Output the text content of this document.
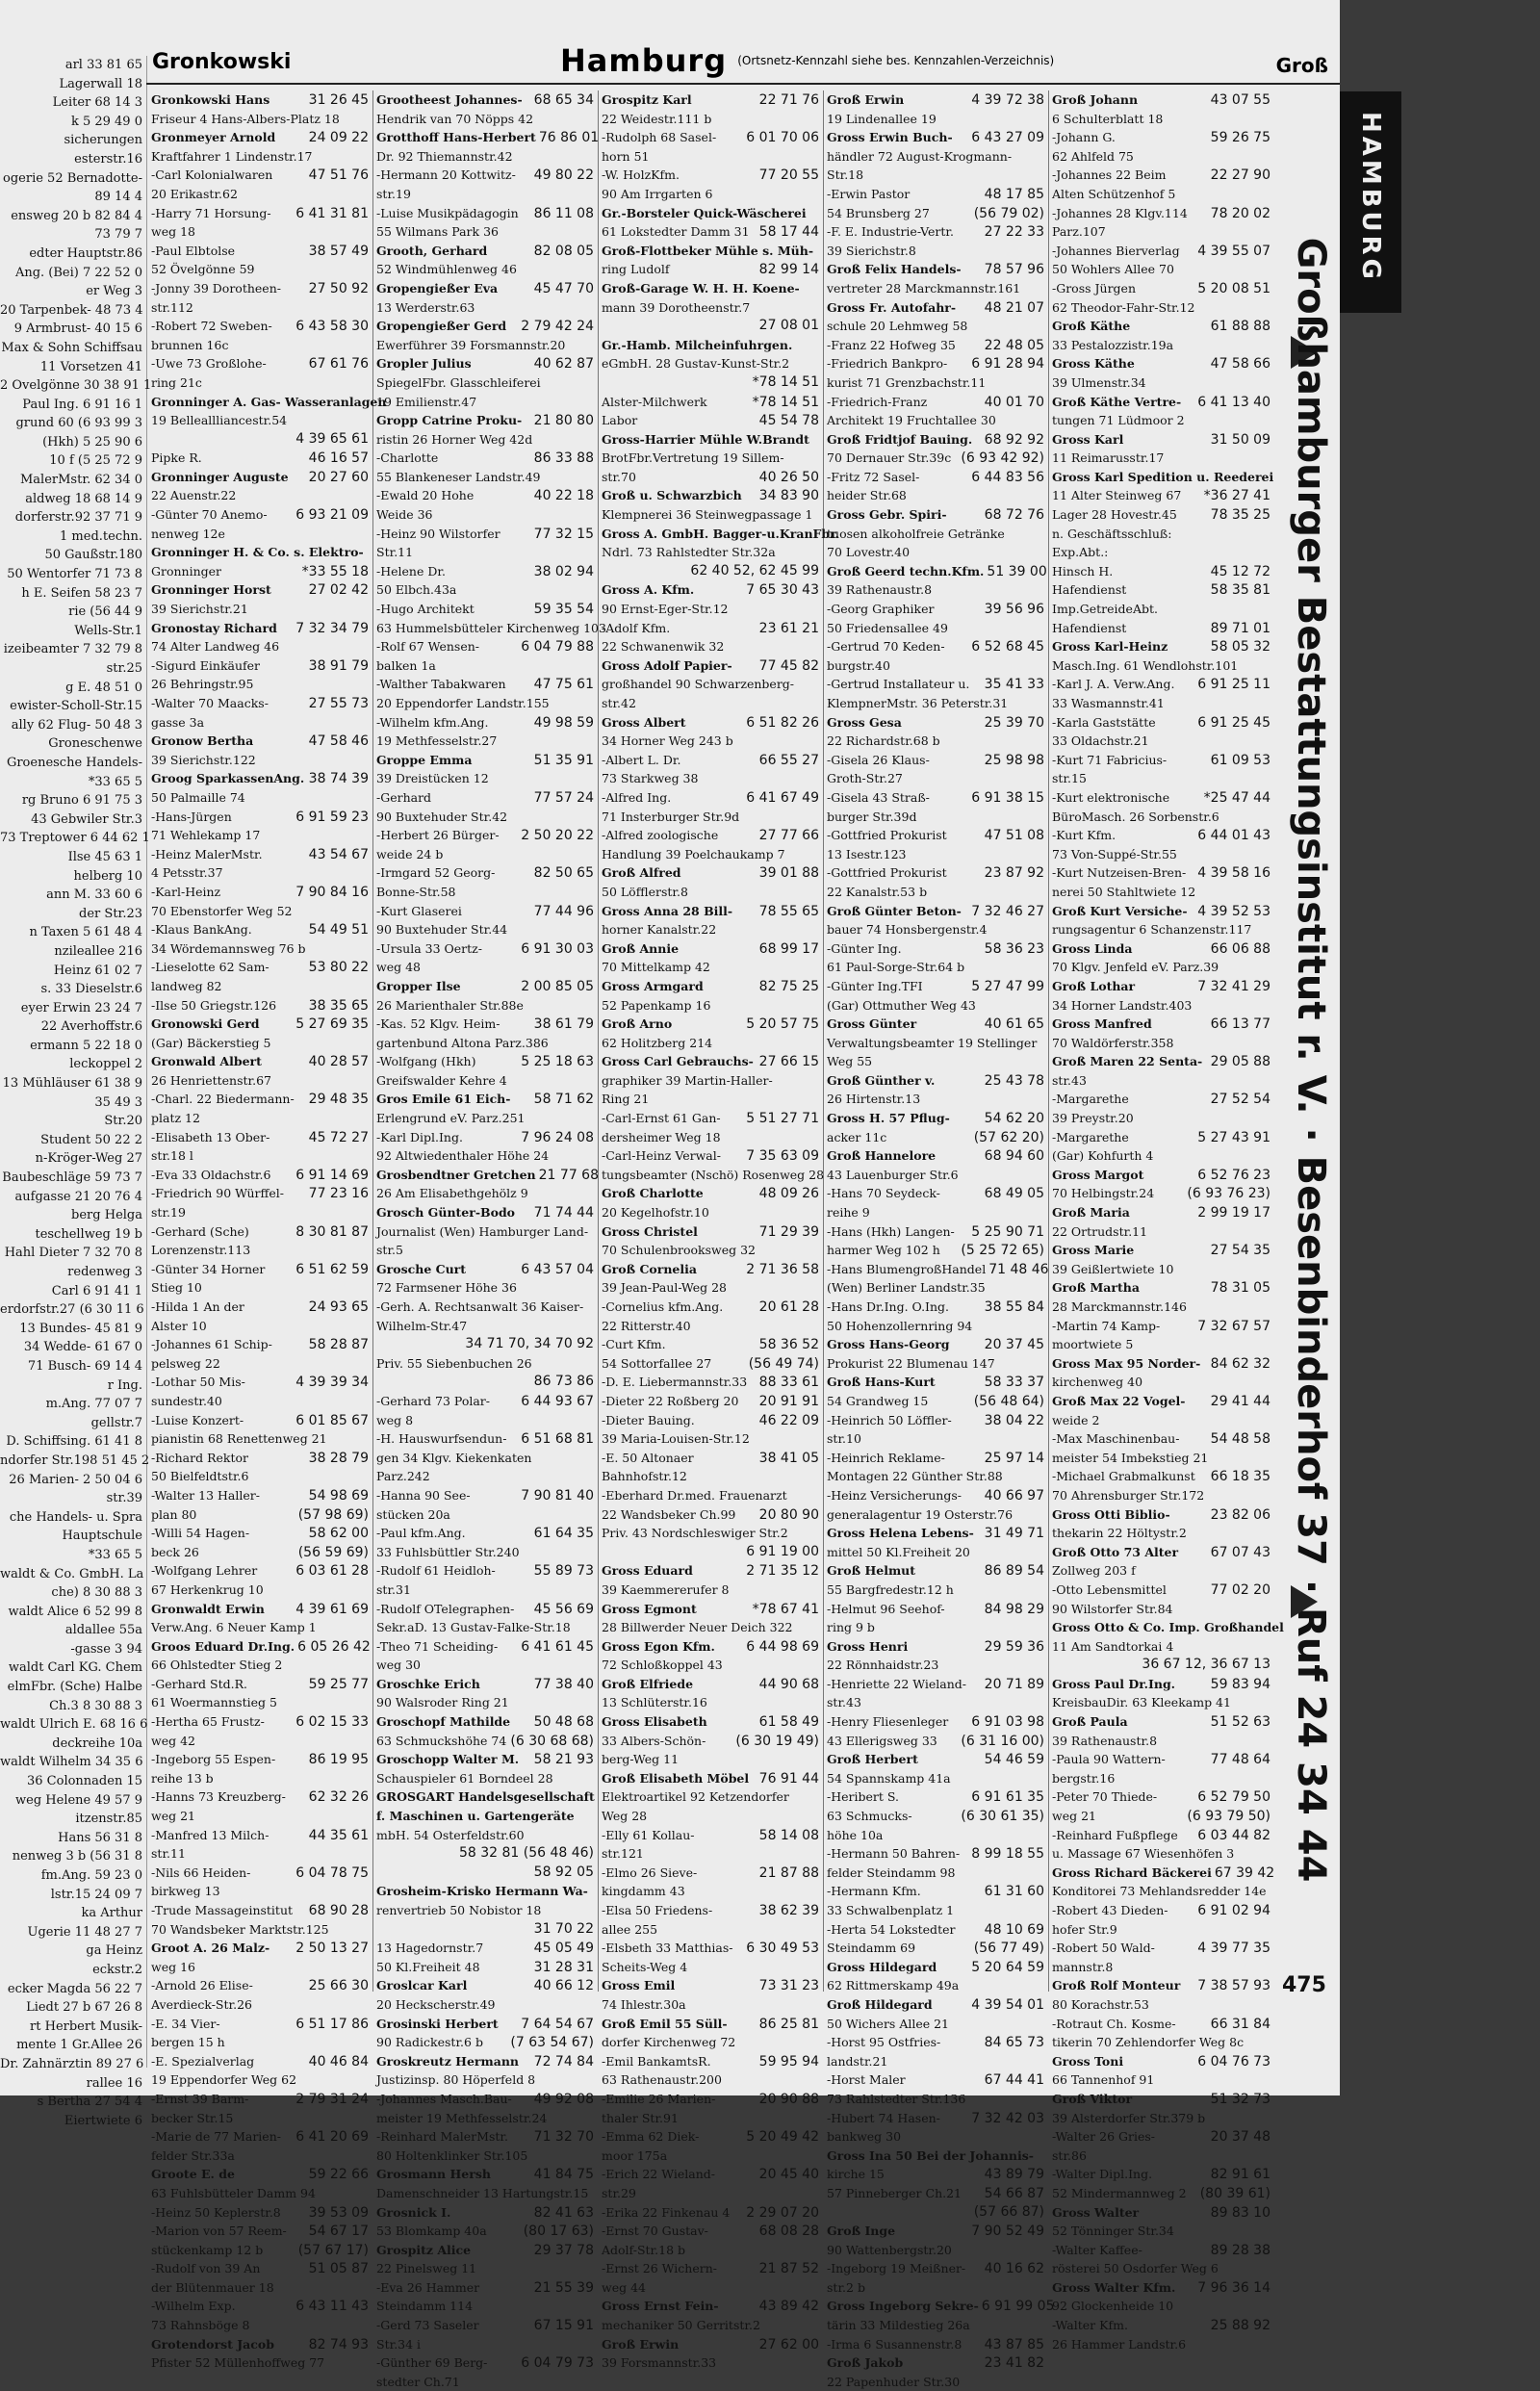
arl 33 81 65
Lagerwall 18
Leiter 68 14 3
k 5 29 49 0
sicherungen
esterstr.16
ogerie 52 Bernadotte-
89 14 4
ensweg 20 b 82 84 4
73 79 7
edter Hauptstr.86
Ang. (Bei) 7 22 52 0
er Weg 3
20 Tarpenbek- 48 73 4
9 Armbrust- 40 15 6
Max & Sohn Schiffsau
11 Vorsetzen 41
2 Ovelgönne 30 38 91 1
Paul Ing. 6 91 16 1
grund 60 (6 93 99 3
(Hkh) 5 25 90 6
10 f (5 25 72 9
MalerMstr. 62 34 0
aldweg 18 68 14 9
dorferstr.92 37 71 9
1 med.techn.
50 Gaußstr.180
50 Wentorfer 71 73 8
h E. Seifen 58 23 7
rie (56 44 9
Wells-Str.1
izeibeamter 7 32 79 8
str.25
g E. 48 51 0
ewister-Scholl-Str.15
ally 62 Flug- 50 48 3
Groneschenwe
Groenesche Handels-
*33 65 5
rg Bruno 6 91 75 3
43 Gebwiler Str.3
73 Treptower 6 44 62 1
Ilse 45 63 1
helberg 10
ann M. 33 60 6
der Str.23
n Taxen 5 61 48 4
nzileallee 216
Heinz 61 02 7
s. 33 Dieselstr.6
eyer Erwin 23 24 7
22 Averhoffstr.6
ermann 5 22 18 0
leckoppel 2
13 Mühläuser 61 38 9
35 49 3
Str.20
Student 50 22 2
n-Kröger-Weg 27
Baubeschläge 59 73 7
aufgasse 21 20 76 4
berg Helga
teschellweg 19 b
Hahl Dieter 7 32 70 8
redenweg 3
Carl 6 91 41 1
erdorfstr.27 (6 30 11 6
13 Bundes- 45 81 9
34 Wedde- 61 67 0
71 Busch- 69 14 4
r Ing.
m.Ang. 77 07 7
gellstr.7
D. Schiffsing. 61 41 8
ndorfer Str.198 51 45 2
26 Marien- 2 50 04 6
str.39
che Handels- u. Spra
Hauptschule
*33 65 5
waldt & Co. GmbH. La
che) 8 30 88 3
waldt Alice 6 52 99 8
aldallee 55a
-gasse 3 94
waldt Carl KG. Chem
elmFbr. (Sche) Halbe
Ch.3 8 30 88 3
waldt Ulrich E. 68 16 6
deckreihe 10a
waldt Wilhelm 34 35 6
36 Colonnaden 15
weg Helene 49 57 9
itzenstr.85
Hans 56 31 8
nenweg 3 b (56 31 8
fm.Ang. 59 23 0
lstr.15 24 09 7
ka Arthur
Ugerie 11 48 27 7
ga Heinz
eckstr.2
ecker Magda 56 22 7
Liedt 27 b 67 26 8
rt Herbert Musik-
mente 1 Gr.Allee 26
Dr. Zahnärztin 89 27 6
rallee 16
s Bertha 27 54 4
Eiertwiete 6
Gronkowski	Hamburg (Ortsnetz-Kennzahl siehe bes. Kennzahlen-Verzeichnis)	Groß
Gronkowski Hans	31 26 45
Friseur 4 Hans-Albers-Platz 18
Gronmeyer Arnold	24 09 22
Kraftfahrer 1 Lindenstr.17
-Carl Kolonialwaren	47 51 76
20 Erikastr.62
-Harry 71 Horsung-	6 41 31 81
weg 18
-Paul Elbtolse	38 57 49
52 Övelgönne 59
-Jonny 39 Dorotheen-	27 50 92
str.112
-Robert 72 Sweben-	6 43 58 30
brunnen 16c
-Uwe 73 Großlohe-	67 61 76
ring 21c
Gronninger A. Gas- Wasseranlagen
19 Belleallliancestr.54
4 39 65 61
Pipke R.	46 16 57
Gronninger Auguste	20 27 60
22 Auenstr.22
-Günter 70 Anemo-	6 93 21 09
nenweg 12e
Gronninger H. & Co. s. Elektro-
Gronninger	*33 55 18
Gronninger Horst	27 02 42
39 Sierichstr.21
Gronostay Richard	7 32 34 79
74 Alter Landweg 46
-Sigurd Einkäufer	38 91 79
26 Behringstr.95
-Walter 70 Maacks-	27 55 73
gasse 3a
Gronow Bertha	47 58 46
39 Sierichstr.122
Groog SparkassenAng. 38 74 39
50 Palmaille 74
-Hans-Jürgen	6 91 59 23
71 Wehlekamp 17
-Heinz MalerMstr.	43 54 67
4 Petsstr.37
-Karl-Heinz	7 90 84 16
70 Ebenstorfer Weg 52
-Klaus BankAng.	54 49 51
34 Wördemannsweg 76 b
-Lieselotte 62 Sam-	53 80 22
landweg 82
-Ilse 50 Griegstr.126	38 35 65
Gronowski Gerd	5 27 69 35
(Gar) Bäckerstieg 5
Gronwald Albert	40 28 57
26 Henriettenstr.67
-Charl. 22 Biedermann-	29 48 35
platz 12
-Elisabeth 13 Ober-	45 72 27
str.18 l
-Eva 33 Oldachstr.6	6 91 14 69
-Friedrich 90 Würffel-	77 23 16
str.19
-Gerhard (Sche)	8 30 81 87
Lorenzenstr.113
-Günter 34 Horner	6 51 62 59
Stieg 10
-Hilda 1 An der	24 93 65
Alster 10
-Johannes 61 Schip-	58 28 87
pelsweg 22
-Lothar 50 Mis-	4 39 39 34
sundestr.40
-Luise Konzert-	6 01 85 67
pianistin 68 Renettenweg 21
-Richard Rektor	38 28 79
50 Bielfeldtstr.6
-Walter 13 Haller-	54 98 69
plan 80	(57 98 69)
-Willi 54 Hagen-	58 62 00
beck 26	(56 59 69)
-Wolfgang Lehrer	6 03 61 28
67 Herkenkrug 10
Gronwaldt Erwin	4 39 61 69
Verw.Ang. 6 Neuer Kamp 1
Groos Eduard Dr.Ing. 6 05 26 42
66 Ohlstedter Stieg 2
-Gerhard Std.R.	59 25 77
61 Woermannstieg 5
-Hertha 65 Frustz-	6 02 15 33
weg 42
-Ingeborg 55 Espen-	86 19 95
reihe 13 b
-Hanns 73 Kreuzberg-	62 32 26
weg 21
-Manfred 13 Milch-	44 35 61
str.11
-Nils 66 Heiden-	6 04 78 75
birkweg 13
-Trude Massageinstitut	68 90 28
70 Wandsbeker Marktstr.125
Groot A. 26 Malz-	2 50 13 27
weg 16
-Arnold 26 Elise-	25 66 30
Averdieck-Str.26
-E. 34 Vier-	6 51 17 86
bergen 15 h
-E. Spezialverlag	40 46 84
19 Eppendorfer Weg 62
-Ernst 39 Barm-	2 79 31 24
becker Str.15
-Marie de 77 Marien-	6 41 20 69
felder Str.33a
Groote E. de	59 22 66
63 Fuhlsbütteler Damm 94
-Heinz 50 Keplerstr.8	39 53 09
-Marion von 57 Reem-	54 67 17
stückenkamp 12 b	(57 67 17)
-Rudolf von 39 An	51 05 87
der Blütenmauer 18
-Wilhelm Exp.	6 43 11 43
73 Rahnsböge 8
Grotendorst Jacob	82 74 93
Pfister 52 Müllenhoffweg 77
Grootheest Johannes- 68 65 34
Hendrik van 70 Nöpps 42
Grotthoff Hans-Herbert 76 86 01
Dr. 92 Thiemannstr.42
-Hermann 20 Kottwitz-	49 80 22
str.19
-Luise Musikpädagogin	86 11 08
55 Wilmans Park 36
Grooth, Gerhard	82 08 05
52 Windmühlenweg 46
Gropengießer Eva	45 47 70
13 Werderstr.63
Gropengießer Gerd	2 79 42 24
Ewerführer 39 Forsmannstr.20
Gropler Julius	40 62 87
SpiegelFbr. Glasschleiferei
19 Emilienstr.47
Gropp Catrine Proku- 21 80 80
ristin 26 Horner Weg 42d
-Charlotte	86 33 88
55 Blankeneser Landstr.49
-Ewald 20 Hohe	40 22 18
Weide 36
-Heinz 90 Wilstorfer	77 32 15
Str.11
-Helene Dr.	38 02 94
50 Elbch.43a
-Hugo Architekt	59 35 54
63 Hummelsbütteler Kirchenweg 103
-Rolf 67 Wensen-	6 04 79 88
balken 1a
-Walther Tabakwaren	47 75 61
20 Eppendorfer Landstr.155
-Wilhelm kfm.Ang.	49 98 59
19 Methfesselstr.27
Groppe Emma	51 35 91
39 Dreistücken 12
-Gerhard	77 57 24
90 Buxtehuder Str.42
-Herbert 26 Bürger-	2 50 20 22
weide 24 b
-Irmgard 52 Georg-	82 50 65
Bonne-Str.58
-Kurt Glaserei	77 44 96
90 Buxtehuder Str.44
-Ursula 33 Oertz-	6 91 30 03
weg 48
Gropper Ilse	2 00 85 05
26 Marienthaler Str.88e
-Kas. 52 Klgv. Heim-	38 61 79
gartenbund Altona Parz.386
-Wolfgang (Hkh)	5 25 18 63
Greifswalder Kehre 4
Gros Emile 61 Eich-	58 71 62
Erlengrund eV. Parz.251
-Karl Dipl.Ing.	7 96 24 08
92 Altwiedenthaler Höhe 24
Grosbendtner Gretchen 21 77 68
26 Am Elisabethgehölz 9
Grosch Günter-Bodo	71 74 44
Journalist (Wen) Hamburger Land-
str.5
Grosche Curt	6 43 57 04
72 Farmsener Höhe 36
-Gerh. A. Rechtsanwalt 36 Kaiser-
Wilhelm-Str.47
34 71 70, 34 70 92
Priv. 55 Siebenbuchen 26
86 73 86
-Gerhard 73 Polar-	6 44 93 67
weg 8
-H. Hauswurfsendun-	6 51 68 81
gen 34 Klgv. Kiekenkaten
Parz.242
-Hanna 90 See-	7 90 81 40
stücken 20a
-Paul kfm.Ang.	61 64 35
33 Fuhlsbüttler Str.240
-Rudolf 61 Heidloh-	55 89 73
str.31
-Rudolf OTelegraphen-	45 56 69
Sekr.aD. 13 Gustav-Falke-Str.18
-Theo 71 Scheiding-	6 41 61 45
weg 30
Groschke Erich	77 38 40
90 Walsroder Ring 21
Groschopf Mathilde	50 48 68
63 Schmuckshöhe 74 (6 30 68 68)
Groschopp Walter M.	58 21 93
Schauspieler 61 Borndeel 28
GROSGART Handelsgesellschaft
f. Maschinen u. Gartengeräte
mbH. 54 Osterfeldstr.60
58 32 81 (56 48 46)
58 92 05
Grosheim-Krisko Hermann Wa-
renvertrieb 50 Nobistor 18
31 70 22
13 Hagedornstr.7	45 05 49
50 Kl.Freiheit 48	31 28 31
Groslcar Karl	40 66 12
20 Heckscherstr.49
Grosinski Herbert	7 64 54 67
90 Radickestr.6 b	(7 63 54 67)
Groskreutz Hermann	72 74 84
Justizinsp. 80 Höperfeld 8
-Johannes Masch.Bau-	49 92 08
meister 19 Methfesselstr.24
-Reinhard MalerMstr.	71 32 70
80 Holtenklinker Str.105
Grosmann Hersh	41 84 75
Damenschneider 13 Hartungstr.15
Grosnick I.	82 41 63
53 Blomkamp 40a	(80 17 63)
Grospitz Alice	29 37 78
22 Pinelsweg 11
-Eva 26 Hammer	21 55 39
Steindamm 114
-Gerd 73 Saseler	67 15 91
Str.34 i
-Günther 69 Berg-	6 04 79 73
stedter Ch.71
Grospitz Karl	22 71 76
22 Weidestr.111 b
-Rudolph 68 Sasel-	6 01 70 06
horn 51
-W. HolzKfm.	77 20 55
90 Am Irrgarten 6
Gr.-Borsteler Quick-Wäscherei
61 Lokstedter Damm 31 58 17 44
Groß-Flottbeker Mühle s. Müh-
ring Ludolf	82 99 14
Groß-Garage W. H. H. Koene-
mann 39 Dorotheenstr.7
27 08 01
Gr.-Hamb. Milcheinfuhrgen.
eGmbH. 28 Gustav-Kunst-Str.2
*78 14 51
Alster-Milchwerk	*78 14 51
Labor	45 54 78
Gross-Harrier Mühle W.Brandt
BrotFbr.Vertretung 19 Sillem-
str.70	40 26 50
Groß u. Schwarzbich	34 83 90
Klempnerei 36 Steinwegpassage 1
Gross A. GmbH. Bagger-u.KranFbr.
Ndrl. 73 Rahlstedter Str.32a
62 40 52, 62 45 99
Gross A. Kfm.	7 65 30 43
90 Ernst-Eger-Str.12
-Adolf Kfm.	23 61 21
22 Schwanenwik 32
Gross Adolf Papier-	77 45 82
großhandel 90 Schwarzenberg-
str.42
Gross Albert	6 51 82 26
34 Horner Weg 243 b
-Albert L. Dr.	66 55 27
73 Starkweg 38
-Alfred Ing.	6 41 67 49
71 Insterburger Str.9d
-Alfred zoologische	27 77 66
Handlung 39 Poelchaukamp 7
Groß Alfred	39 01 88
50 Löfflerstr.8
Gross Anna 28 Bill-	78 55 65
horner Kanalstr.22
Groß Annie	68 99 17
70 Mittelkamp 42
Gross Armgard	82 75 25
52 Papenkamp 16
Groß Arno	5 20 57 75
62 Holitzberg 214
Gross Carl Gebrauchs- 27 66 15
graphiker 39 Martin-Haller-
Ring 21
-Carl-Ernst 61 Gan-	5 51 27 71
dersheimer Weg 18
-Carl-Heinz Verwal-	7 35 63 09
tungsbeamter (Nschö) Rosenweg 28
Groß Charlotte	48 09 26
20 Kegelhofstr.10
Gross Christel	71 29 39
70 Schulenbrooksweg 32
Groß Cornelia	2 71 36 58
39 Jean-Paul-Weg 28
-Cornelius kfm.Ang.	20 61 28
22 Ritterstr.40
-Curt Kfm.	58 36 52
54 Sottorfallee 27	(56 49 74)
-D. E. Liebermannstr.33 88 33 61
-Dieter 22 Roßberg 20	20 91 91
-Dieter Bauing.	46 22 09
39 Maria-Louisen-Str.12
-E. 50 Altonaer	38 41 05
Bahnhofstr.12
-Eberhard Dr.med. Frauenarzt
22 Wandsbeker Ch.99	20 80 90
Priv. 43 Nordschleswiger Str.2
6 91 19 00
Gross Eduard	2 71 35 12
39 Kaemmererufer 8
Gross Egmont	*78 67 41
28 Billwerder Neuer Deich 322
Gross Egon Kfm.	6 44 98 69
72 Schloßkoppel 43
Groß Elfriede	44 90 68
13 Schlüterstr.16
Gross Elisabeth	61 58 49
33 Albers-Schön-	(6 30 19 49)
berg-Weg 11
Groß Elisabeth Möbel 76 91 44
Elektroartikel 92 Ketzendorfer
Weg 28
-Elly 61 Kollau-	58 14 08
str.121
-Elmo 26 Sieve-	21 87 88
kingdamm 43
-Elsa 50 Friedens-	38 62 39
allee 255
-Elsbeth 33 Matthias- 6 30 49 53
Scheits-Weg 4
Gross Emil	73 31 23
74 Ihlestr.30a
Groß Emil 55 Süll-	86 25 81
dorfer Kirchenweg 72
-Emil BankamtsR.	59 95 94
63 Rathenaustr.200
-Emilie 26 Marien-	20 90 88
thaler Str.91
-Emma 62 Diek-	5 20 49 42
moor 175a
-Erich 22 Wieland-	20 45 40
str.29
-Erika 22 Finkenau 4	2 29 07 20
-Ernst 70 Gustav-	68 08 28
Adolf-Str.18 b
-Ernst 26 Wichern-	21 87 52
weg 44
Gross Ernst Fein-	43 89 42
mechaniker 50 Gerritstr.2
Groß Erwin	27 62 00
39 Forsmannstr.33
Groß Erwin	4 39 72 38
19 Lindenallee 19
Gross Erwin Buch-	6 43 27 09
händler 72 August-Krogmann-
Str.18
-Erwin Pastor	48 17 85
54 Brunsberg 27	(56 79 02)
-F. E. Industrie-Vertr.	27 22 33
39 Sierichstr.8
Groß Felix Handels-	78 57 96
vertreter 28 Marckmannstr.161
Gross Fr. Autofahr-	48 21 07
schule 20 Lehmweg 58
-Franz 22 Hofweg 35	22 48 05
-Friedrich Bankpro-	6 91 28 94
kurist 71 Grenzbachstr.11
-Friedrich-Franz	40 01 70
Architekt 19 Fruchtallee 30
Groß Fridtjof Bauing. 68 92 92
70 Dernauer Str.39c (6 93 42 92)
-Fritz 72 Sasel-	6 44 83 56
heider Str.68
Gross Gebr. Spiri-	68 72 76
tuosen alkoholfreie Getränke
70 Lovestr.40
Groß Geerd techn.Kfm. 51 39 00
39 Rathenaustr.8
-Georg Graphiker	39 56 96
50 Friedensallee 49
-Gertrud 70 Keden-	6 52 68 45
burgstr.40
-Gertrud Installateur u.	35 41 33
KlempnerMstr. 36 Peterstr.31
Gross Gesa	25 39 70
22 Richardstr.68 b
-Gisela 26 Klaus-	25 98 98
Groth-Str.27
-Gisela 43 Straß-	6 91 38 15
burger Str.39d
-Gottfried Prokurist	47 51 08
13 Isestr.123
-Gottfried Prokurist	23 87 92
22 Kanalstr.53 b
Groß Günter Beton- 7 32 46 27
bauer 74 Honsbergenstr.4
-Günter Ing.	58 36 23
61 Paul-Sorge-Str.64 b
-Günter Ing.TFI	5 27 47 99
(Gar) Ottmuther Weg 43
Gross Günter	40 61 65
Verwaltungsbeamter 19 Stellinger
Weg 55
Groß Günther v.	25 43 78
26 Hirtenstr.13
Gross H. 57 Pflug-	54 62 20
acker 11c	(57 62 20)
Groß Hannelore	68 94 60
43 Lauenburger Str.6
-Hans 70 Seydeck-	68 49 05
reihe 9
-Hans (Hkh) Langen-	5 25 90 71
harmer Weg 102 h	(5 25 72 65)
-Hans BlumengroßHandel 71 48 46
(Wen) Berliner Landstr.35
-Hans Dr.Ing. O.Ing.	38 55 84
50 Hohenzollernring 94
Gross Hans-Georg	20 37 45
Prokurist 22 Blumenau 147
Groß Hans-Kurt	58 33 37
54 Grandweg 15	(56 48 64)
-Heinrich 50 Löffler-	38 04 22
str.10
-Heinrich Reklame-	25 97 14
Montagen 22 Günther Str.88
-Heinz Versicherungs-	40 66 97
generalagentur 19 Osterstr.76
Gross Helena Lebens- 31 49 71
mittel 50 Kl.Freiheit 20
Groß Helmut	86 89 54
55 Bargfredestr.12 h
-Helmut 96 Seehof-	84 98 29
ring 9 b
Gross Henri	29 59 36
22 Rönnhaidstr.23
-Henriette 22 Wieland-	20 71 89
str.43
-Henry Fliesenleger	6 91 03 98
43 Ellerigsweg 33	(6 31 16 00)
Groß Herbert	54 46 59
54 Spannskamp 41a
-Heribert S.	6 91 61 35
63 Schmucks-	(6 30 61 35)
höhe 10a
-Hermann 50 Bahren- 8 99 18 55
felder Steindamm 98
-Hermann Kfm.	61 31 60
33 Schwalbenplatz 1
-Herta 54 Lokstedter	48 10 69
Steindamm 69	(56 77 49)
Gross Hildegard	5 20 64 59
62 Rittmerskamp 49a
Groß Hildegard	4 39 54 01
50 Wichers Allee 21
-Horst 95 Ostfries-	84 65 73
landstr.21
-Horst Maler	67 44 41
73 Rahlstedter Str.136
-Hubert 74 Hasen-	7 32 42 03
bankweg 30
Gross Ina 50 Bei der Johannis-
kirche 15	43 89 79
57 Pinneberger Ch.21	54 66 87
(57 66 87)
Groß Inge	7 90 52 49
90 Wattenbergstr.20
-Ingeborg 19 Meißner-	40 16 62
str.2 b
Gross Ingeborg Sekre- 6 91 99 05
tärin 33 Mildestieg 26a
-Irma 6 Susannenstr.8	43 87 85
Groß Jakob	23 41 82
22 Papenhuder Str.30
Groß Johann	43 07 55
6 Schulterblatt 18
-Johann G.	59 26 75
62 Ahlfeld 75
-Johannes 22 Beim	22 27 90
Alten Schützenhof 5
-Johannes 28 Klgv.114	78 20 02
Parz.107
-Johannes Bierverlag	4 39 55 07
50 Wohlers Allee 70
-Gross Jürgen	5 20 08 51
62 Theodor-Fahr-Str.12
Groß Käthe	61 88 88
33 Pestalozzistr.19a
Gross Käthe	47 58 66
39 Ulmenstr.34
Groß Käthe Vertre-	6 41 13 40
tungen 71 Lüdmoor 2
Gross Karl	31 50 09
11 Reimarusstr.17
Gross Karl Spedition u. Reederei
11 Alter Steinweg 67	*36 27 41
Lager 28 Hovestr.45	78 35 25
n. Geschäftsschluß:
Exp.Abt.:
Hinsch H.	45 12 72
Hafendienst	58 35 81
Imp.GetreideAbt.
Hafendienst	89 71 01
Gross Karl-Heinz	58 05 32
Masch.Ing. 61 Wendlohstr.101
-Karl J. A. Verw.Ang.	6 91 25 11
33 Wasmannstr.41
-Karla Gaststätte	6 91 25 45
33 Oldachstr.21
-Kurt 71 Fabricius-	61 09 53
str.15
-Kurt elektronische	*25 47 44
BüroMasch. 26 Sorbenstr.6
-Kurt Kfm.	6 44 01 43
73 Von-Suppé-Str.55
-Kurt Nutzeisen-Bren- 4 39 58 16
nerei 50 Stahltwiete 12
Groß Kurt Versiche- 4 39 52 53
rungsagentur 6 Schanzenstr.117
Gross Linda	66 06 88
70 Klgv. Jenfeld eV. Parz.39
Groß Lothar	7 32 41 29
34 Horner Landstr.403
Gross Manfred	66 13 77
70 Waldörferstr.358
Groß Maren 22 Senta- 29 05 88
str.43
-Margarethe	27 52 54
39 Preystr.20
-Margarethe	5 27 43 91
(Gar) Kohfurth 4
Gross Margot	6 52 76 23
70 Helbingstr.24	(6 93 76 23)
Groß Maria	2 99 19 17
22 Ortrudstr.11
Gross Marie	27 54 35
39 Geißlertwiete 10
Groß Martha	78 31 05
28 Marckmannstr.146
-Martin 74 Kamp-	7 32 67 57
moortwiete 5
Gross Max 95 Norder- 84 62 32
kirchenweg 40
Groß Max 22 Vogel-	29 41 44
weide 2
-Max Maschinenbau-	54 48 58
meister 54 Imbekstieg 21
-Michael Grabmalkunst	66 18 35
70 Ahrensburger Str.172
Gross Otti Biblio-	23 82 06
thekarin 22 Höltystr.2
Groß Otto 73 Alter	67 07 43
Zollweg 203 f
-Otto Lebensmittel	77 02 20
90 Wilstorfer Str.84
Gross Otto & Co. Imp. Großhandel
11 Am Sandtorkai 4
36 67 12, 36 67 13
Gross Paul Dr.Ing.	59 83 94
KreisbauDir. 63 Kleekamp 41
Groß Paula	51 52 63
39 Rathenaustr.8
-Paula 90 Wattern-	77 48 64
bergstr.16
-Peter 70 Thiede-	6 52 79 50
weg 21	(6 93 79 50)
-Reinhard Fußpflege	6 03 44 82
u. Massage 67 Wiesenhöfen 3
Gross Richard Bäckerei 67 39 42
Konditorei 73 Mehlandsredder 14e
-Robert 43 Dieden-	6 91 02 94
hofer Str.9
-Robert 50 Wald-	4 39 77 35
mannstr.8
Groß Rolf Monteur	7 38 57 93
80 Korachstr.53
-Rotraut Ch. Kosme-	66 31 84
tikerin 70 Zehlendorfer Weg 8c
Gross Toni	6 04 76 73
66 Tannenhof 91
Groß Viktor	51 32 73
39 Alsterdorfer Str.379 b
-Walter 26 Gries-	20 37 48
str.86
-Walter Dipl.Ing.	82 91 61
52 Mindermannweg 2	(80 39 61)
Gross Walter	89 83 10
52 Tönninger Str.34
-Walter Kaffee-	89 28 38
rösterei 50 Osdorfer Weg 6
Gross Walter Kfm.	7 96 36 14
92 Glockenheide 10
-Walter Kfm.	25 88 92
26 Hammer Landstr.6
Großhamburger Bestattungsinstitut r. V. · Besenbinderhof 37 · Ruf 24 34 44
475
HAMBURG
